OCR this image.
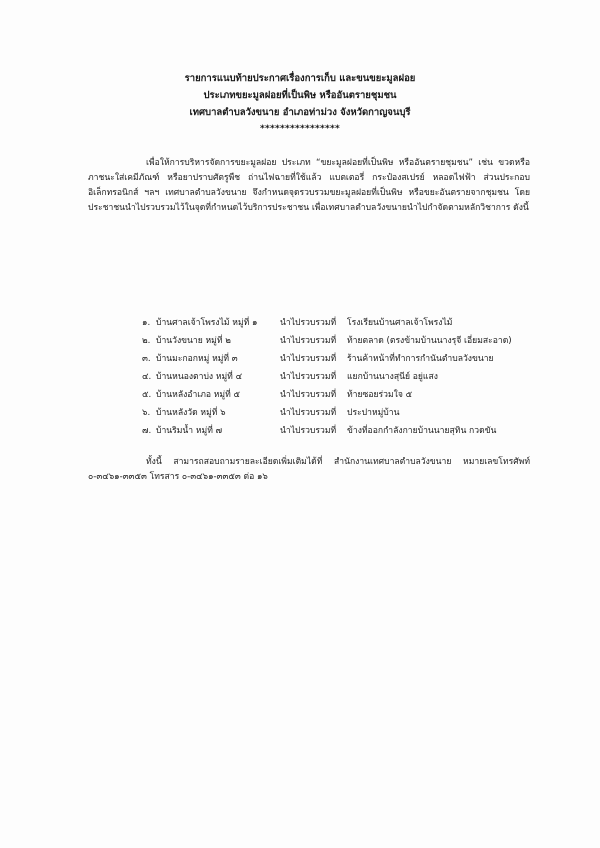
รายการแนบท้ายประกาศเรื่องการเก็บ และขนขยะมูลฝอย
ประเภทขยะมูลฝอยที่เป็นพิษ หรืออันตรายชุมชน
เทศบาลตำบลวังขนาย อำเภอท่าม่วง จังหวัดกาญจนบุรี
****************
เพื่อให้การบริหารจัดการขยะมูลฝอย ประเภท “ขยะมูลฝอยที่เป็นพิษ หรืออันตรายชุมชน” เช่น ขวดหรือภาชนะใส่เคมีภัณฑ์ หรือยาปราบศัตรูพืช ถ่านไฟฉายที่ใช้แล้ว แบตเตอรี่ กระป๋องสเปรย์ หลอดไฟฟ้า ส่วนประกอบอิเล็กทรอนิกส์ ฯลฯ เทศบาลตำบลวังขนาย จึงกำหนดจุดรวบรวมขยะมูลฝอยที่เป็นพิษ หรือขยะอันตรายจากชุมชน โดยประชาชนนำไปรวบรวมไว้ในจุดที่กำหนดไว้บริการประชาชน เพื่อเทศบาลตำบลวังขนายนำไปกำจัดตามหลักวิชาการ ดังนี้
๑. บ้านศาลเจ้าโพรงไม้ หมู่ที่ ๑	นำไปรวบรวมที่ โรงเรียนบ้านศาลเจ้าโพรงไม้
๒. บ้านวังขนาย หมู่ที่ ๒	นำไปรวบรวมที่ ท้ายตลาด (ตรงข้ามบ้านนางรุจี เอี่ยมสะอาด)
๓. บ้านมะกอกหมู่ หมู่ที่ ๓	นำไปรวบรวมที่ ร้านค้าหน้าที่ทำการกำนันตำบลวังขนาย
๔. บ้านหนองตาบ่ง หมู่ที่ ๔	นำไปรวบรวมที่ แยกบ้านนางสุนีย์ อยู่แสง
๕. บ้านหลังอำเภอ หมู่ที่ ๕	นำไปรวบรวมที่ ท้ายซอยร่วมใจ ๕
๖. บ้านหลังวัด หมู่ที่ ๖	นำไปรวบรวมที่ ประปาหมู่บ้าน
๗. บ้านริมน้ำ หมู่ที่ ๗	นำไปรวบรวมที่ ข้างที่ออกกำลังกายบ้านนายสุทิน กวดขัน
ทั้งนี้ สามารถสอบถามรายละเอียดเพิ่มเติมได้ที่ สำนักงานเทศบาลตำบลวังขนาย หมายเลขโทรศัพท์ ๐-๓๔๖๑-๓๓๕๓ โทรสาร ๐-๓๔๖๑-๓๓๕๓ ต่อ ๑๖
